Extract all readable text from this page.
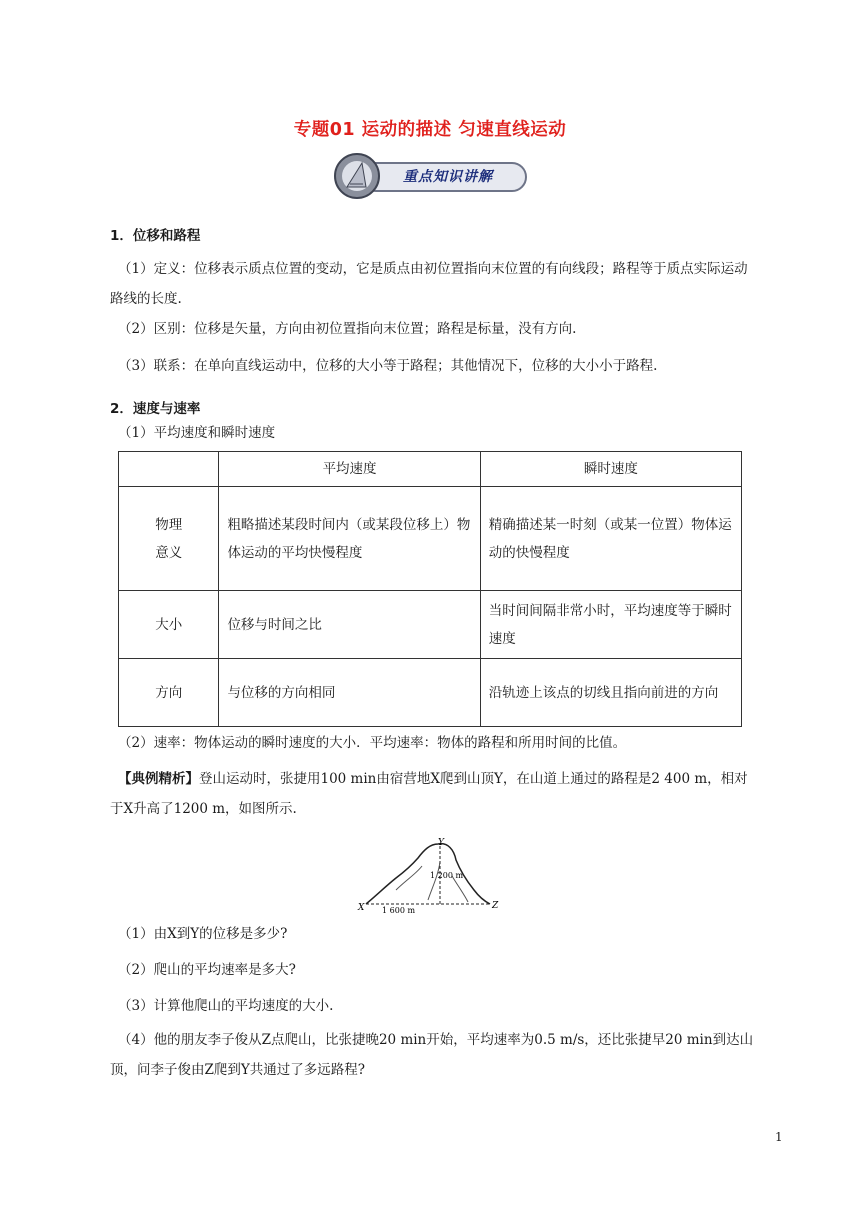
专题01 运动的描述 匀速直线运动
重点知识讲解
1．位移和路程
（1）定义：位移表示质点位置的变动，它是质点由初位置指向末位置的有向线段；路程等于质点实际运动路线的长度.
（2）区别：位移是矢量，方向由初位置指向末位置；路程是标量，没有方向.
（3）联系：在单向直线运动中，位移的大小等于路程；其他情况下，位移的大小小于路程.
2．速度与速率
（1）平均速度和瞬时速度
	平均速度	瞬时速度

物理
意义	粗略描述某段时间内（或某段位移上）物体运动的平均快慢程度	精确描述某一时刻（或某一位置）物体运动的快慢程度
大小	位移与时间之比	当时间间隔非常小时，平均速度等于瞬时速度
方向	与位移的方向相同	沿轨迹上该点的切线且指向前进的方向
（2）速率：物体运动的瞬时速度的大小．平均速率：物体的路程和所用时间的比值。
【典例精析】登山运动时，张捷用100 min由宿营地X爬到山顶Y，在山道上通过的路程是2 400 m，相对于X升高了1200 m，如图所示.
Y
X	Z
1 200 m
1 600 m
（1）由X到Y的位移是多少?
（2）爬山的平均速率是多大?
（3）计算他爬山的平均速度的大小.
（4）他的朋友李子俊从Z点爬山，比张捷晚20 min开始，平均速率为0.5 m/s，还比张捷早20 min到达山顶，问李子俊由Z爬到Y共通过了多远路程?
1
